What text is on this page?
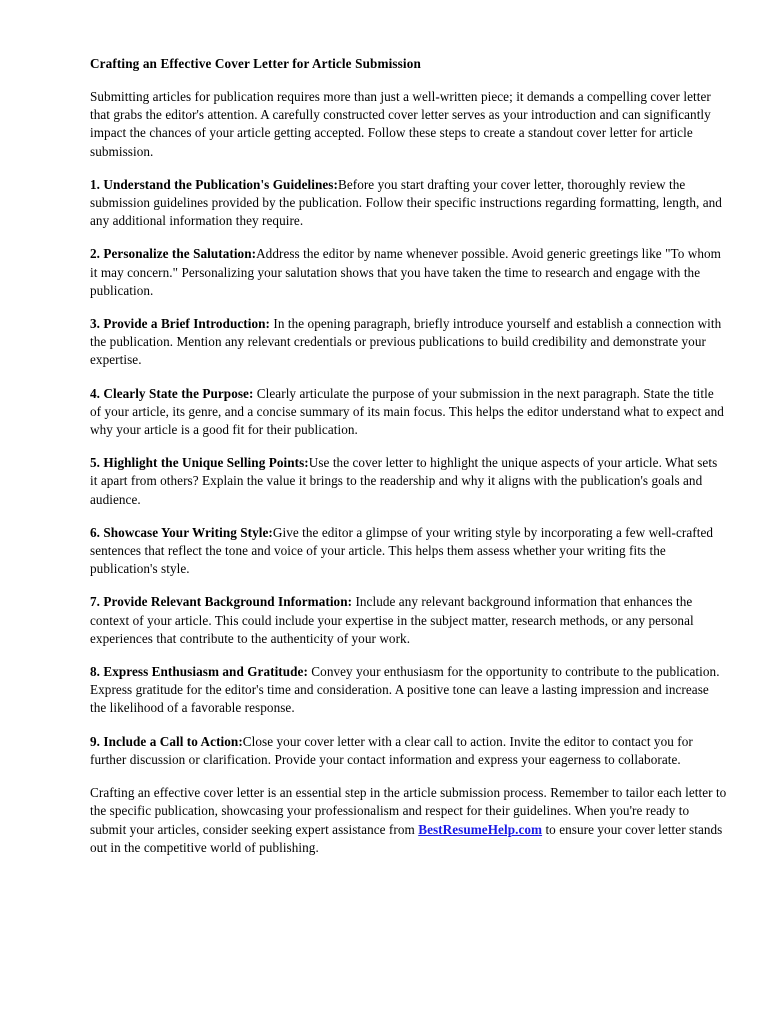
Crafting an Effective Cover Letter for Article Submission

Submitting articles for publication requires more than just a well-written piece; it demands a compelling cover letter that grabs the editor's attention. A carefully constructed cover letter serves as your introduction and can significantly impact the chances of your article getting accepted. Follow these steps to create a standout cover letter for article submission.

1. Understand the Publication's Guidelines:Before you start drafting your cover letter, thoroughly review the submission guidelines provided by the publication. Follow their specific instructions regarding formatting, length, and any additional information they require.

2. Personalize the Salutation:Address the editor by name whenever possible. Avoid generic greetings like "To whom it may concern." Personalizing your salutation shows that you have taken the time to research and engage with the publication.

3. Provide a Brief Introduction: In the opening paragraph, briefly introduce yourself and establish a connection with the publication. Mention any relevant credentials or previous publications to build credibility and demonstrate your expertise.

4. Clearly State the Purpose: Clearly articulate the purpose of your submission in the next paragraph. State the title of your article, its genre, and a concise summary of its main focus. This helps the editor understand what to expect and why your article is a good fit for their publication.

5. Highlight the Unique Selling Points:Use the cover letter to highlight the unique aspects of your article. What sets it apart from others? Explain the value it brings to the readership and why it aligns with the publication's goals and audience.

6. Showcase Your Writing Style:Give the editor a glimpse of your writing style by incorporating a few well-crafted sentences that reflect the tone and voice of your article. This helps them assess whether your writing fits the publication's style.

7. Provide Relevant Background Information: Include any relevant background information that enhances the context of your article. This could include your expertise in the subject matter, research methods, or any personal experiences that contribute to the authenticity of your work.

8. Express Enthusiasm and Gratitude: Convey your enthusiasm for the opportunity to contribute to the publication. Express gratitude for the editor's time and consideration. A positive tone can leave a lasting impression and increase the likelihood of a favorable response.

9. Include a Call to Action:Close your cover letter with a clear call to action. Invite the editor to contact you for further discussion or clarification. Provide your contact information and express your eagerness to collaborate.

Crafting an effective cover letter is an essential step in the article submission process. Remember to tailor each letter to the specific publication, showcasing your professionalism and respect for their guidelines. When you're ready to submit your articles, consider seeking expert assistance from BestResumeHelp.com to ensure your cover letter stands out in the competitive world of publishing.
